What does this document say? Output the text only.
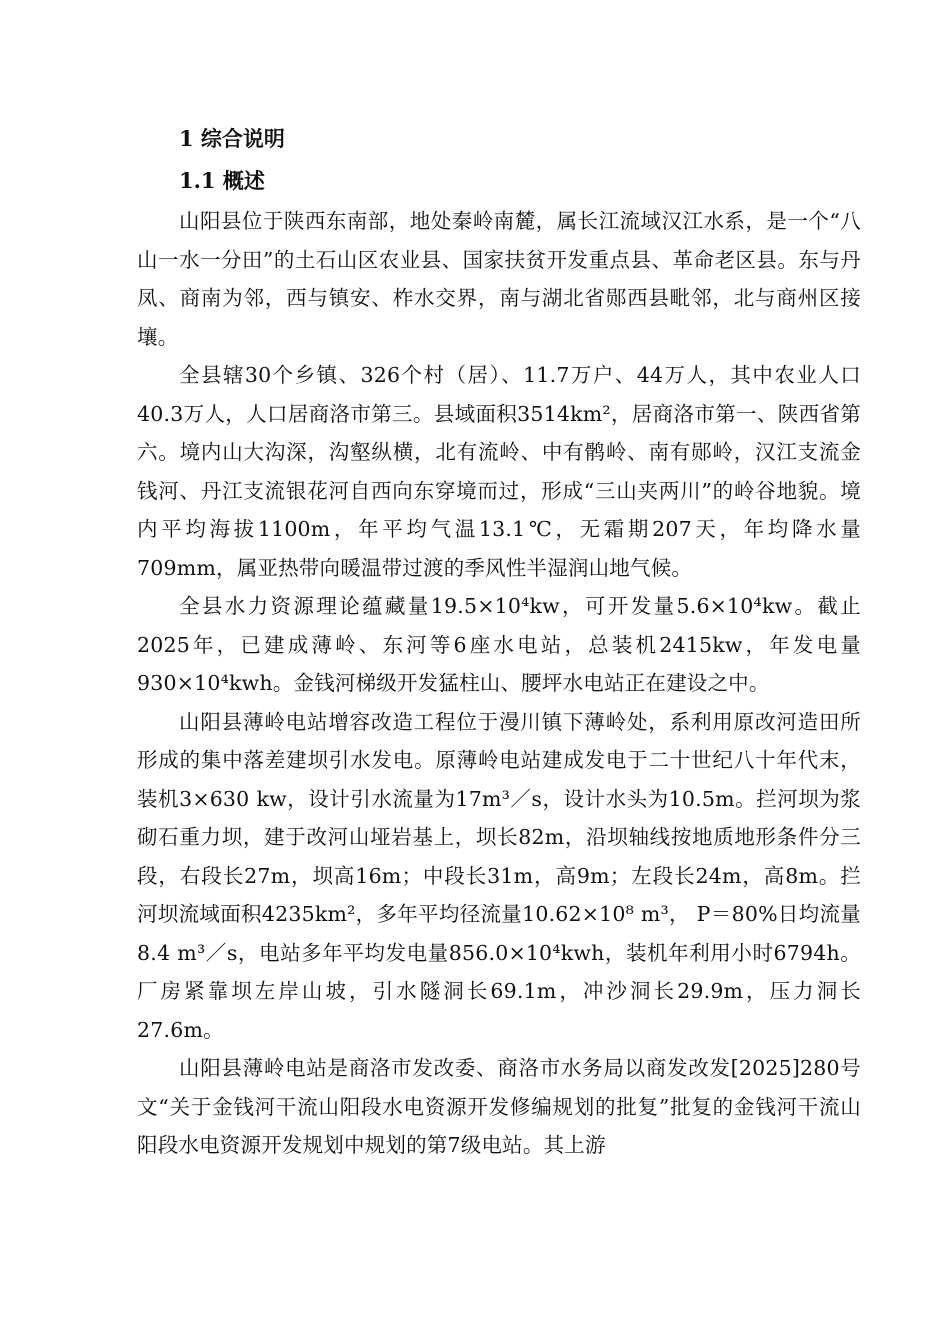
1 综合说明

1.1 概述

山阳县位于陕西东南部，地处秦岭南麓，属长江流域汉江水系，是一个“八山一水一分田”的土石山区农业县、国家扶贫开发重点县、革命老区县。东与丹凤、商南为邻，西与镇安、柞水交界，南与湖北省郧西县毗邻，北与商州区接壤。

全县辖30个乡镇、326个村（居）、11.7万户、44万人，其中农业人口40.3万人，人口居商洛市第三。县域面积3514km²，居商洛市第一、陕西省第六。境内山大沟深，沟壑纵横，北有流岭、中有鹘岭、南有郧岭，汉江支流金钱河、丹江支流银花河自西向东穿境而过，形成“三山夹两川”的岭谷地貌。境内平均海拔1100m，年平均气温13.1℃，无霜期207天，年均降水量709mm，属亚热带向暖温带过渡的季风性半湿润山地气候。

全县水力资源理论蕴藏量19.5×10⁴kw，可开发量5.6×10⁴kw。截止2025年，已建成薄岭、东河等6座水电站，总装机2415kw，年发电量930×10⁴kwh。金钱河梯级开发猛柱山、腰坪水电站正在建设之中。

山阳县薄岭电站增容改造工程位于漫川镇下薄岭处，系利用原改河造田所形成的集中落差建坝引水发电。原薄岭电站建成发电于二十世纪八十年代末，装机3×630 kw，设计引水流量为17m³／s，设计水头为10.5m。拦河坝为浆砌石重力坝，建于改河山垭岩基上，坝长82m，沿坝轴线按地质地形条件分三段，右段长27m，坝高16m；中段长31m，高9m；左段长24m，高8m。拦河坝流域面积4235km²，多年平均径流量10.62×10⁸ m³， P＝80%日均流量8.4 m³／s，电站多年平均发电量856.0×10⁴kwh，装机年利用小时6794h。厂房紧靠坝左岸山坡，引水隧洞长69.1m，冲沙洞长29.9m，压力洞长27.6m。

山阳县薄岭电站是商洛市发改委、商洛市水务局以商发改发[2025]280号文“关于金钱河干流山阳段水电资源开发修编规划的批复”批复的金钱河干流山阳段水电资源开发规划中规划的第7级电站。其上游
